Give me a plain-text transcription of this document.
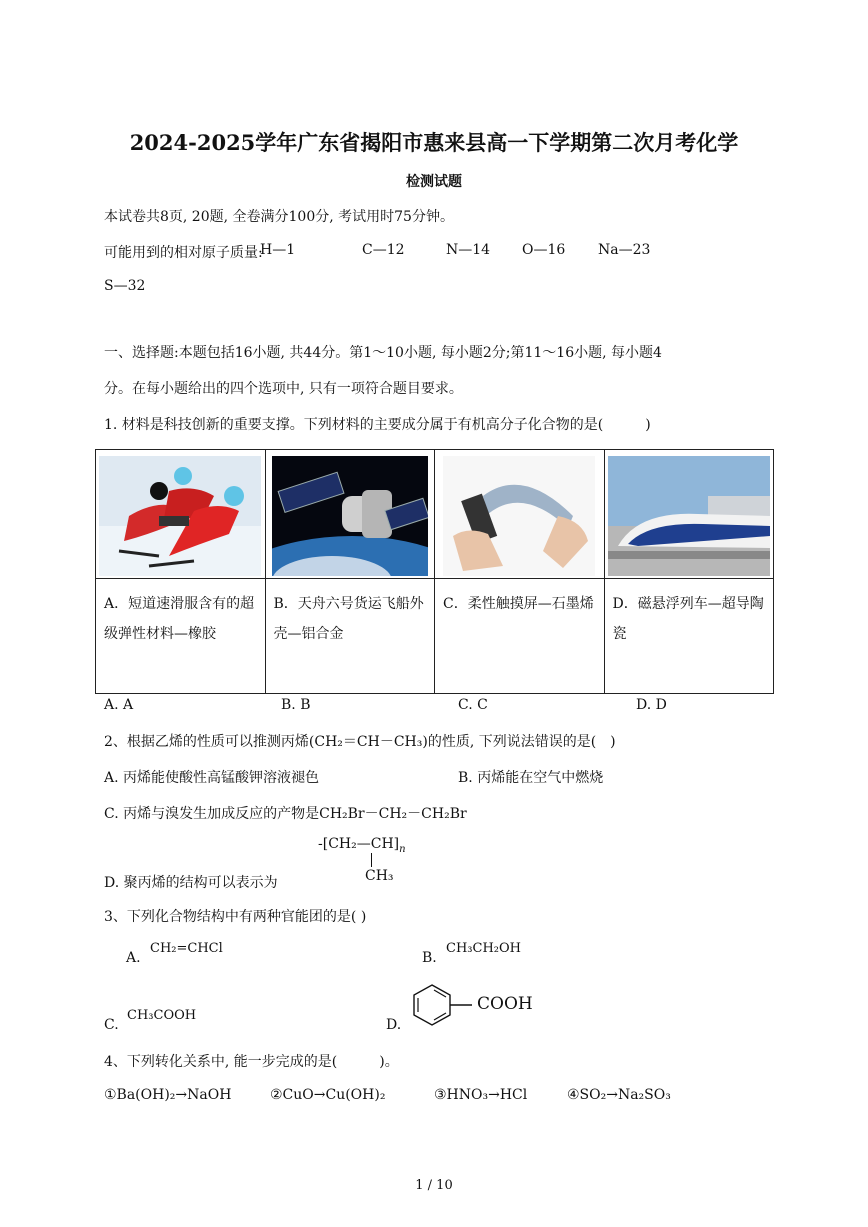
2024-2025学年广东省揭阳市惠来县高一下学期第二次月考化学
检测试题
本试卷共8页, 20题, 全卷满分100分, 考试用时75分钟。
可能用到的相对原子质量:
H—1	C—12	N—14 O—16 Na—23
S—32
一、选择题:本题包括16小题, 共44分。第1～10小题, 每小题2分;第11～16小题, 每小题4
分。在每小题给出的四个选项中, 只有一项符合题目要求。
1. 材料是科技创新的重要支撑。下列材料的主要成分属于有机高分子化合物的是(　　　)

A．短道速滑服含有的超级弹性材料—橡胶	B．天舟六号货运飞船外壳—铝合金	C．柔性触摸屏—石墨烯	D．磁悬浮列车—超导陶瓷
A. A	B. B	C. C	D. D
2、根据乙烯的性质可以推测丙烯(CH₂＝CH－CH₃)的性质, 下列说法错误的是(　)
A. 丙烯能使酸性高锰酸钾溶液褪色	B. 丙烯能在空气中燃烧
C. 丙烯与溴发生加成反应的产物是CH₂Br－CH₂－CH₂Br
$-[CH_2—CH]_n$
CH₃
D. 聚丙烯的结构可以表示为
3、下列化合物结构中有两种官能团的是( )
A.
CH₂=CHCl
B.
CH₃CH₂OH
C.
CH₃COOH
D.
COOH
4、下列转化关系中, 能一步完成的是(　　　)。
①Ba(OH)₂→NaOH	②CuO→Cu(OH)₂	③HNO₃→HCl	④SO₂→Na₂SO₃
1 / 10
